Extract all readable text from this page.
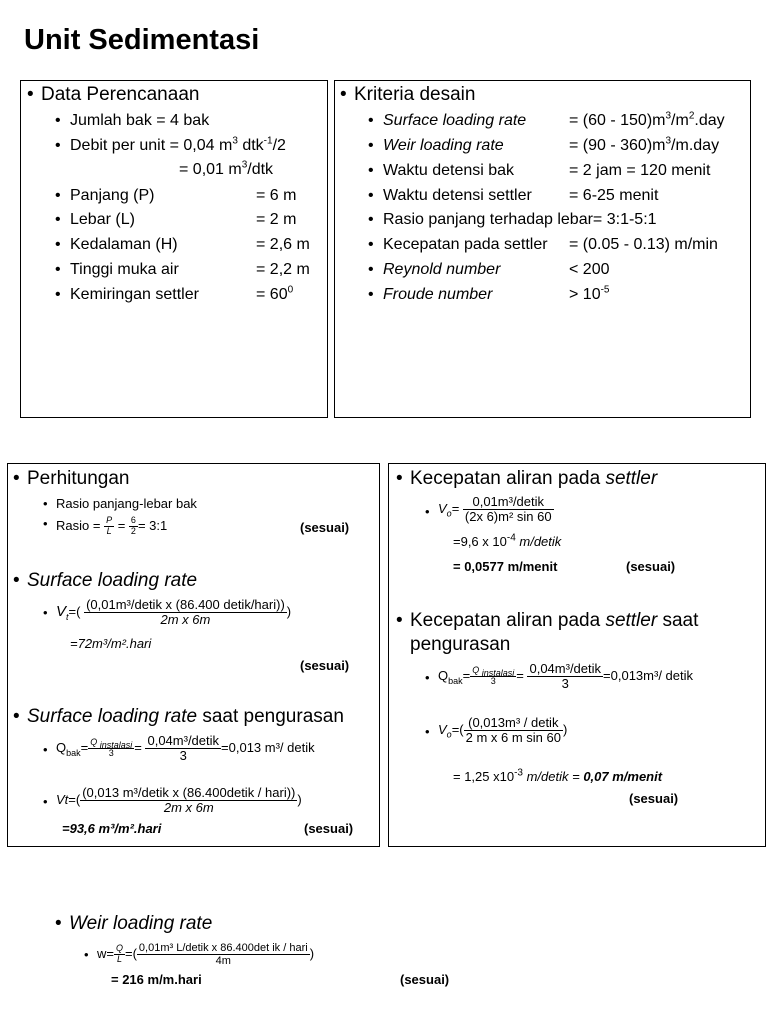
Unit Sedimentasi
• Data Perencanaan
• Jumlah bak = 4 bak
• Debit per unit = 0,04 $m^3$ dtk$^{-1}$/2
= 0,01 $m^3$/dtk
• Panjang (P)	= 6 m
• Lebar (L)	= 2 m
• Kedalaman (H)	= 2,6 m
• Tinggi muka air	= 2,2 m
• Kemiringan settler	= $60^0$
• Kriteria desain
• Surface loading rate	= $(60 - 150)m^3/m^2.day$
• Weir loading rate	= $(90 - 360)m^3/m.day$
• Waktu detensi bak	= 2 jam = 120 menit
• Waktu detensi settler = 6-25 menit
• Rasio panjang terhadap lebar= 3:1-5:1
• Kecepatan pada settler = (0.05 - 0.13) m/min
• Reynold number	< 200
• Froude number	> $10^{-5}$
• Perhitungan
• Rasio panjang-lebar bak
• Rasio = $\frac{P}{L} = \frac{6}{2}$ = 3:1	(sesuai)
• Surface loading rate
• $V_t=( \frac{\text{(0,01m³/detik x (86.400 detik/hari))}}{\text{2m x 6m}}$ )
=72m³/m².hari
(sesuai)
• Surface loading rate saat pengurasan
• $Q_{bak}= \frac{Q _{instalasi}}{3} = \frac{\text{0,04m³/detik}}{3} =0,013$ m³/ detik
• $Vt=( \frac{\text{(0,013 m³/detik x (86.400detik / hari))}}{\text{2m x 6m}}$ )
=93,6 m³/m².hari	(sesuai)
• Kecepatan aliran pada settler
• $V_o= \frac{\text{0,01m³/detik}}{\text{(2x 6)m² sin 60}}$
=9,6 x $10^{-4}$ m/detik
= 0,0577 m/menit	(sesuai)
• Kecepatan aliran pada settler saat
pengurasan
• $Q_{bak}= \frac{Q _{instalasi}}{3} = \frac{\text{0,04m³/detik}}{3} =0,013m^3/$ detik
• $V_o=( \frac{\text{(0,013m³ / detik}}{\text{2 m x 6 m sin 60}}$ )
= 1,25 $x10^{-3}$ m/detik = 0,07 m/menit
(sesuai)
• Weir loading rate
• $w= \frac{Q}{L}$ =( $\frac{\text{0,01m³ L/detik x 86.400det ik / hari}}{4m}$ )
= 216 m/m.hari	(sesuai)
